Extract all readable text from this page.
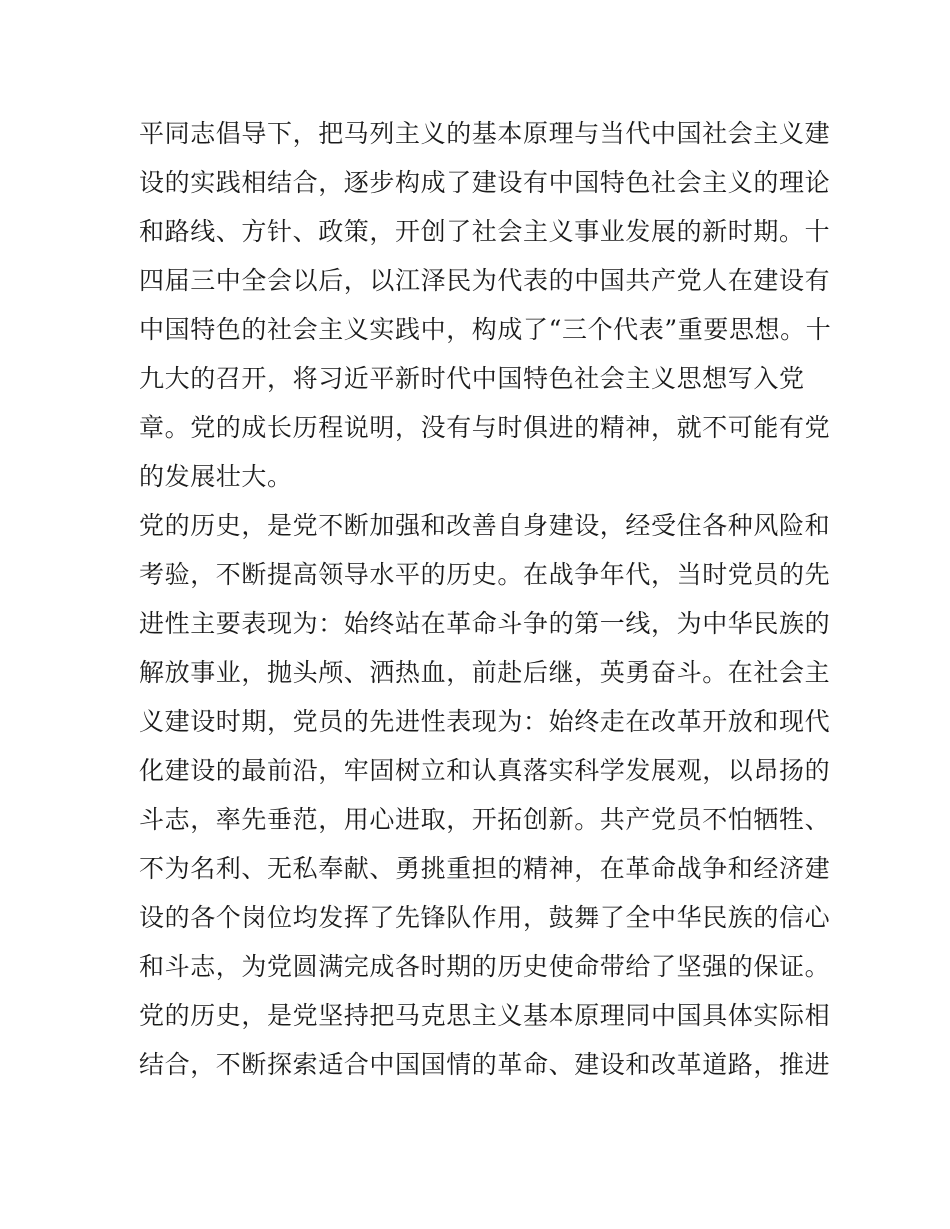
平同志倡导下，把马列主义的基本原理与当代中国社会主义建
设的实践相结合，逐步构成了建设有中国特色社会主义的理论
和路线、方针、政策，开创了社会主义事业发展的新时期。十
四届三中全会以后，以江泽民为代表的中国共产党人在建设有
中国特色的社会主义实践中，构成了“三个代表”重要思想。十
九大的召开，将习近平新时代中国特色社会主义思想写入党
章。党的成长历程说明，没有与时俱进的精神，就不可能有党
的发展壮大。
党的历史，是党不断加强和改善自身建设，经受住各种风险和
考验，不断提高领导水平的历史。在战争年代，当时党员的先
进性主要表现为：始终站在革命斗争的第一线，为中华民族的
解放事业，抛头颅、洒热血，前赴后继，英勇奋斗。在社会主
义建设时期，党员的先进性表现为：始终走在改革开放和现代
化建设的最前沿，牢固树立和认真落实科学发展观，以昂扬的
斗志，率先垂范，用心进取，开拓创新。共产党员不怕牺牲、
不为名利、无私奉献、勇挑重担的精神，在革命战争和经济建
设的各个岗位均发挥了先锋队作用，鼓舞了全中华民族的信心
和斗志，为党圆满完成各时期的历史使命带给了坚强的保证。
党的历史，是党坚持把马克思主义基本原理同中国具体实际相
结合，不断探索适合中国国情的革命、建设和改革道路，推进
